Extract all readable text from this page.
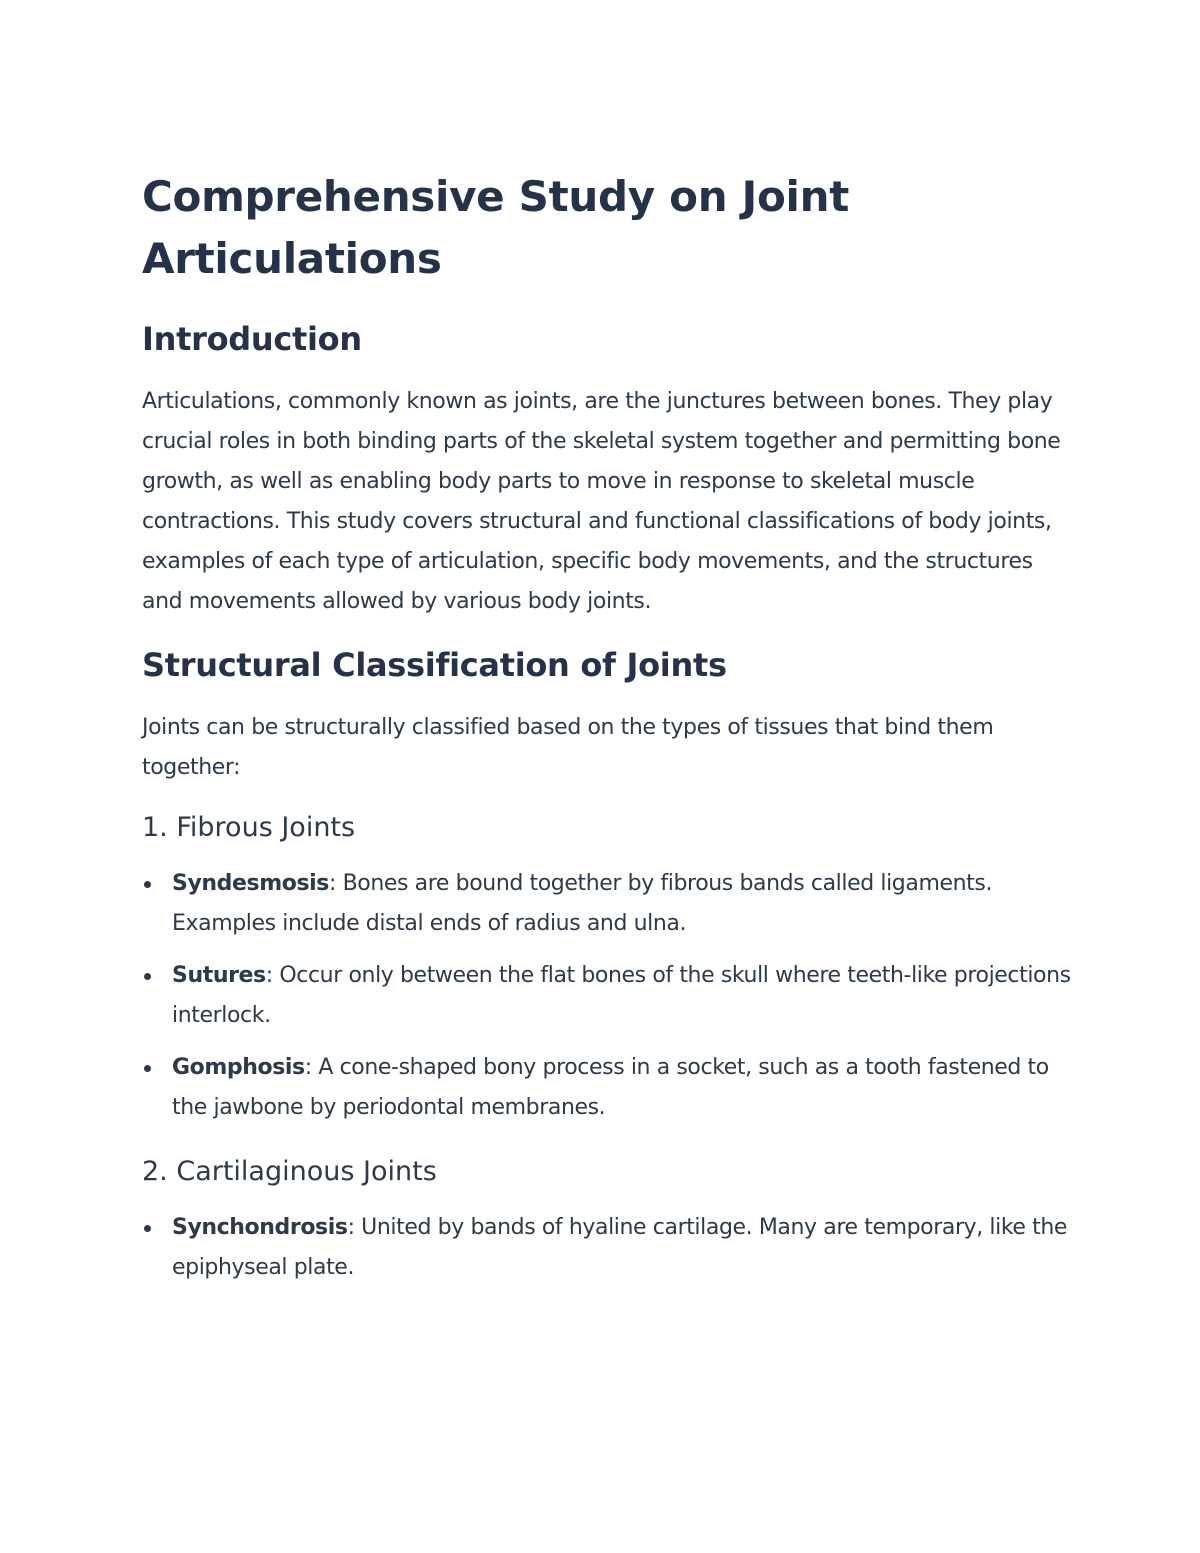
Comprehensive Study on Joint Articulations
Introduction

Articulations, commonly known as joints, are the junctures between bones. They play crucial roles in both binding parts of the skeletal system together and permitting bone growth, as well as enabling body parts to move in response to skeletal muscle contractions. This study covers structural and functional classifications of body joints, examples of each type of articulation, specific body movements, and the structures and movements allowed by various body joints.

Structural Classification of Joints

Joints can be structurally classified based on the types of tissues that bind them together:

1. Fibrous Joints
Syndesmosis: Bones are bound together by fibrous bands called ligaments. Examples include distal ends of radius and ulna.
Sutures: Occur only between the flat bones of the skull where teeth-like projections interlock.
Gomphosis: A cone-shaped bony process in a socket, such as a tooth fastened to the jawbone by periodontal membranes.
2. Cartilaginous Joints
Synchondrosis: United by bands of hyaline cartilage. Many are temporary, like the epiphyseal plate.
